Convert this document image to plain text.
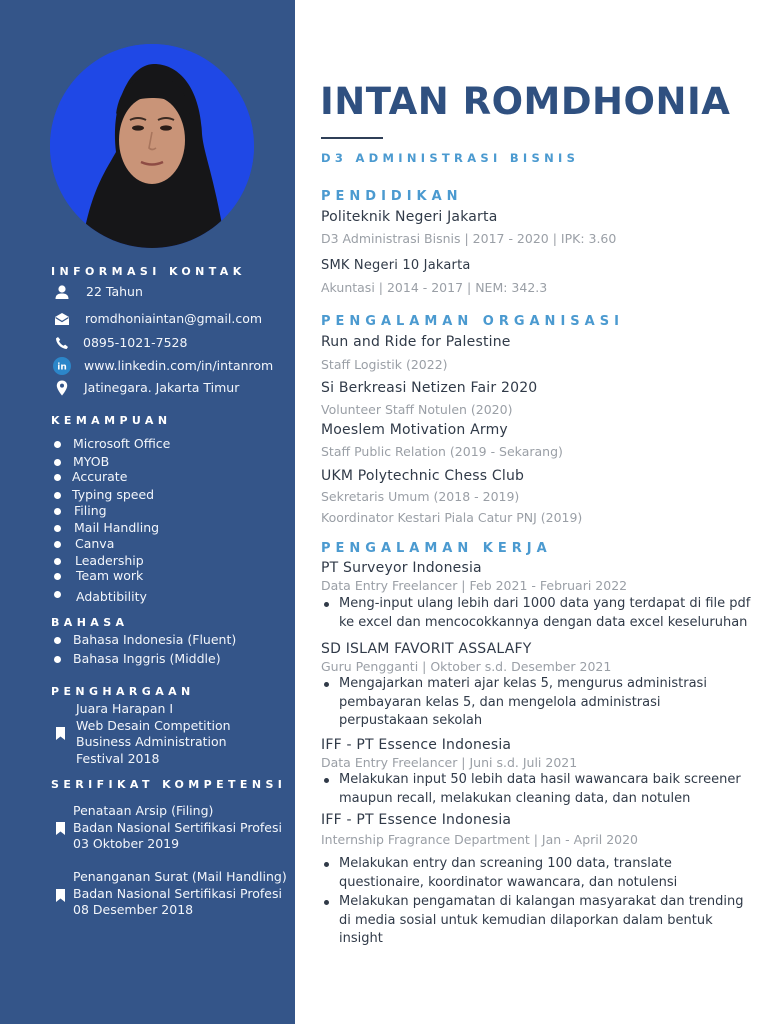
INFORMASI KONTAK
22 Tahun
romdhoniaintan@gmail.com
0895-1021-7528
in www.linkedin.com/in/intanrom
Jatinegara. Jakarta Timur
KEMAMPUAN
Microsoft Office
MYOB
Accurate
Typing speed
Filing
Mail Handling
Canva
Leadership
Team work
Adabtibility
BAHASA
Bahasa Indonesia (Fluent)
Bahasa Inggris (Middle)
PENGHARGAAN
Juara Harapan I
Web Desain Competition
Business Administration
Festival 2018
SERIFIKAT KOMPETENSI
Penataan Arsip (Filing)
Badan Nasional Sertifikasi Profesi
03 Oktober 2019
Penanganan Surat (Mail Handling)
Badan Nasional Sertifikasi Profesi
08 Desember 2018
INTAN ROMDHONIA
D3 ADMINISTRASI BISNIS
PENDIDIKAN
Politeknik Negeri Jakarta
D3 Administrasi Bisnis | 2017 - 2020 | IPK: 3.60
SMK Negeri 10 Jakarta
Akuntasi | 2014 - 2017 | NEM: 342.3
PENGALAMAN ORGANISASI
Run and Ride for Palestine
Staff Logistik (2022)
Si Berkreasi Netizen Fair 2020
Volunteer Staff Notulen (2020)
Moeslem Motivation Army
Staff Public Relation (2019 - Sekarang)
UKM Polytechnic Chess Club
Sekretaris Umum (2018 - 2019)
Koordinator Kestari Piala Catur PNJ (2019)
PENGALAMAN KERJA
PT Surveyor Indonesia
Data Entry Freelancer | Feb 2021 - Februari 2022
Meng-input ulang lebih dari 1000 data yang terdapat di file pdf
ke excel dan mencocokkannya dengan data excel keseluruhan
SD ISLAM FAVORIT ASSALAFY
Guru Pengganti | Oktober s.d. Desember 2021
Mengajarkan materi ajar kelas 5, mengurus administrasi
pembayaran kelas 5, dan mengelola administrasi
perpustakaan sekolah
IFF - PT Essence Indonesia
Data Entry Freelancer | Juni s.d. Juli 2021
Melakukan input 50 lebih data hasil wawancara baik screener
maupun recall, melakukan cleaning data, dan notulen
IFF - PT Essence Indonesia
Internship Fragrance Department | Jan - April 2020
Melakukan entry dan screaning 100 data, translate
questionaire, koordinator wawancara, dan notulensi
Melakukan pengamatan di kalangan masyarakat dan trending
di media sosial untuk kemudian dilaporkan dalam bentuk
insight
